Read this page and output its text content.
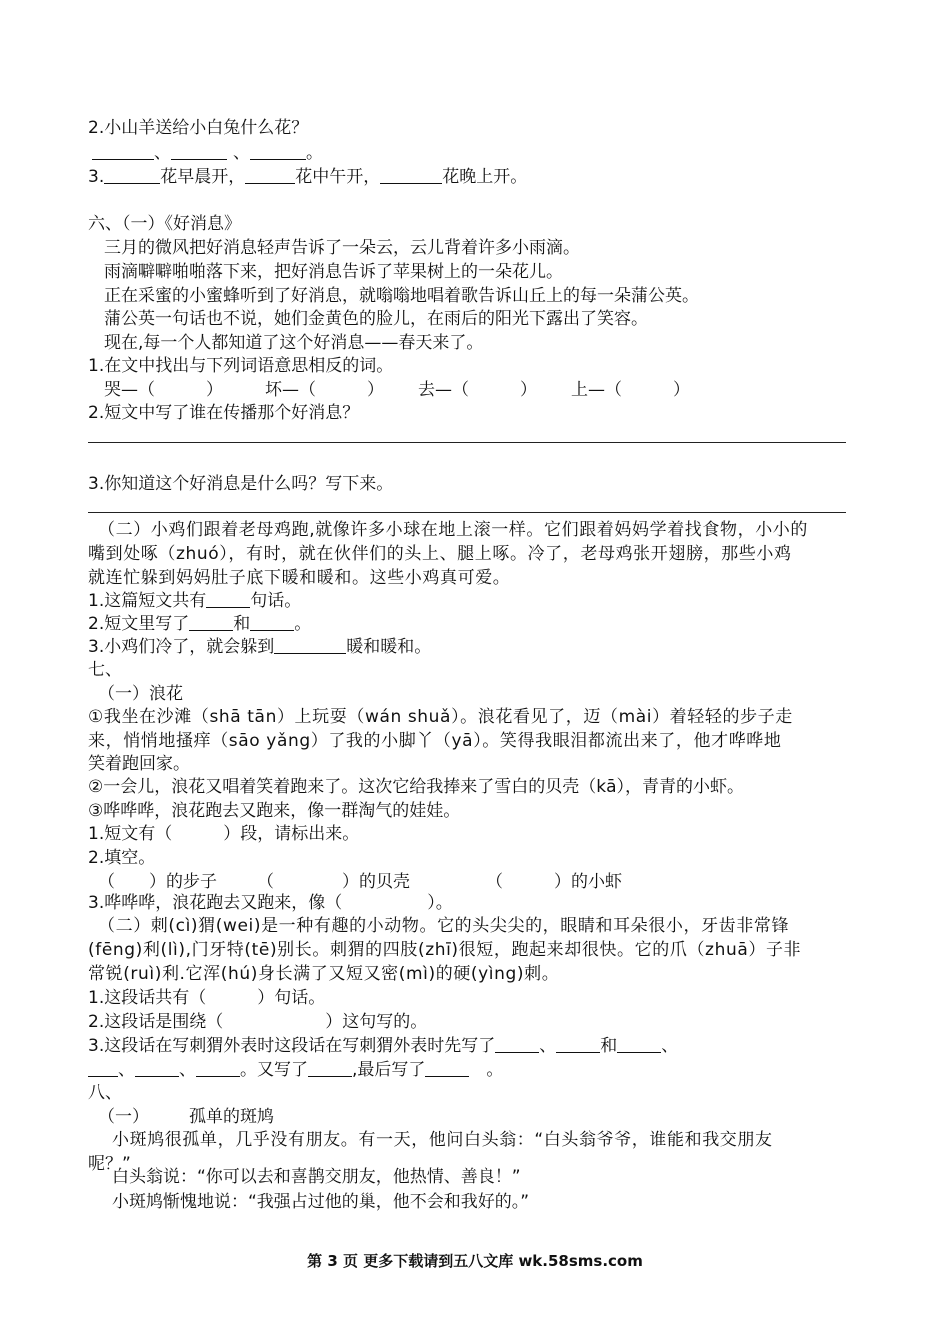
2.小山羊送给小白兔什么花？
、	、	。
3.	花早晨开，	花中午开，	花晚上开。
六、（一）《好消息》
三月的微风把好消息轻声告诉了一朵云，云儿背着许多小雨滴。
雨滴噼噼啪啪落下来，把好消息告诉了苹果树上的一朵花儿。
正在采蜜的小蜜蜂听到了好消息，就嗡嗡地唱着歌告诉山丘上的每一朵蒲公英。
蒲公英一句话也不说，她们金黄色的脸儿，在雨后的阳光下露出了笑容。
现在,每一个人都知道了这个好消息——春天来了。
1.在文中找出与下列词语意思相反的词。
哭—（　　　） 坏—（　　　） 去—（　　　） 上—（　　　）
2.短文中写了谁在传播那个好消息？
3.你知道这个好消息是什么吗？写下来。
（二）小鸡们跟着老母鸡跑,就像许多小球在地上滚一样。它们跟着妈妈学着找食物，小小的
嘴到处啄（zhuó），有时，就在伙伴们的头上、腿上啄。冷了，老母鸡张开翅膀，那些小鸡
就连忙躲到妈妈肚子底下暖和暖和。这些小鸡真可爱。
1.这篇短文共有	句话。
2.短文里写了	和	。
3.小鸡们冷了，就会躲到	暖和暖和。
七、
（一）浪花
①我坐在沙滩（shā tān）上玩耍（wán shuǎ）。浪花看见了，迈（mài）着轻轻的步子走
来，悄悄地搔痒（sāo yǎng）了我的小脚丫（yā）。笑得我眼泪都流出来了，他才哗哗地
笑着跑回家。
②一会儿，浪花又唱着笑着跑来了。这次它给我捧来了雪白的贝壳（kā），青青的小虾。
③哗哗哗，浪花跑去又跑来，像一群淘气的娃娃。
1.短文有（　　　）段，请标出来。
2.填空。
（　　）的步子 （　　　　）的贝壳	（　　　）的小虾
3.哗哗哗，浪花跑去又跑来，像（　　　　　）。
（二）刺(cì)猬(wei)是一种有趣的小动物。它的头尖尖的，眼睛和耳朵很小，牙齿非常锋
(fēng)利(lì),门牙特(tē)别长。刺猬的四肢(zhī)很短，跑起来却很快。它的爪（zhuā）子非
常锐(ruì)利.它浑(hú)身长满了又短又密(mì)的硬(yìng)刺。
1.这段话共有（　　　）句话。
2.这段话是围绕（　　　　　　）这句写的。
3.这段话在写刺猬外表时这段话在写刺猬外表时先写了	、	和	、
、	、	。又写了	,最后写了	　。
八、
（一） 孤单的斑鸠
小斑鸠很孤单，几乎没有朋友。有一天，他问白头翁：“白头翁爷爷，谁能和我交朋友
呢？”
白头翁说：“你可以去和喜鹊交朋友，他热情、善良！”
小斑鸠惭愧地说：“我强占过他的巢，他不会和我好的。”
第 3 页 更多下载请到五八文库 wk.58sms.com
